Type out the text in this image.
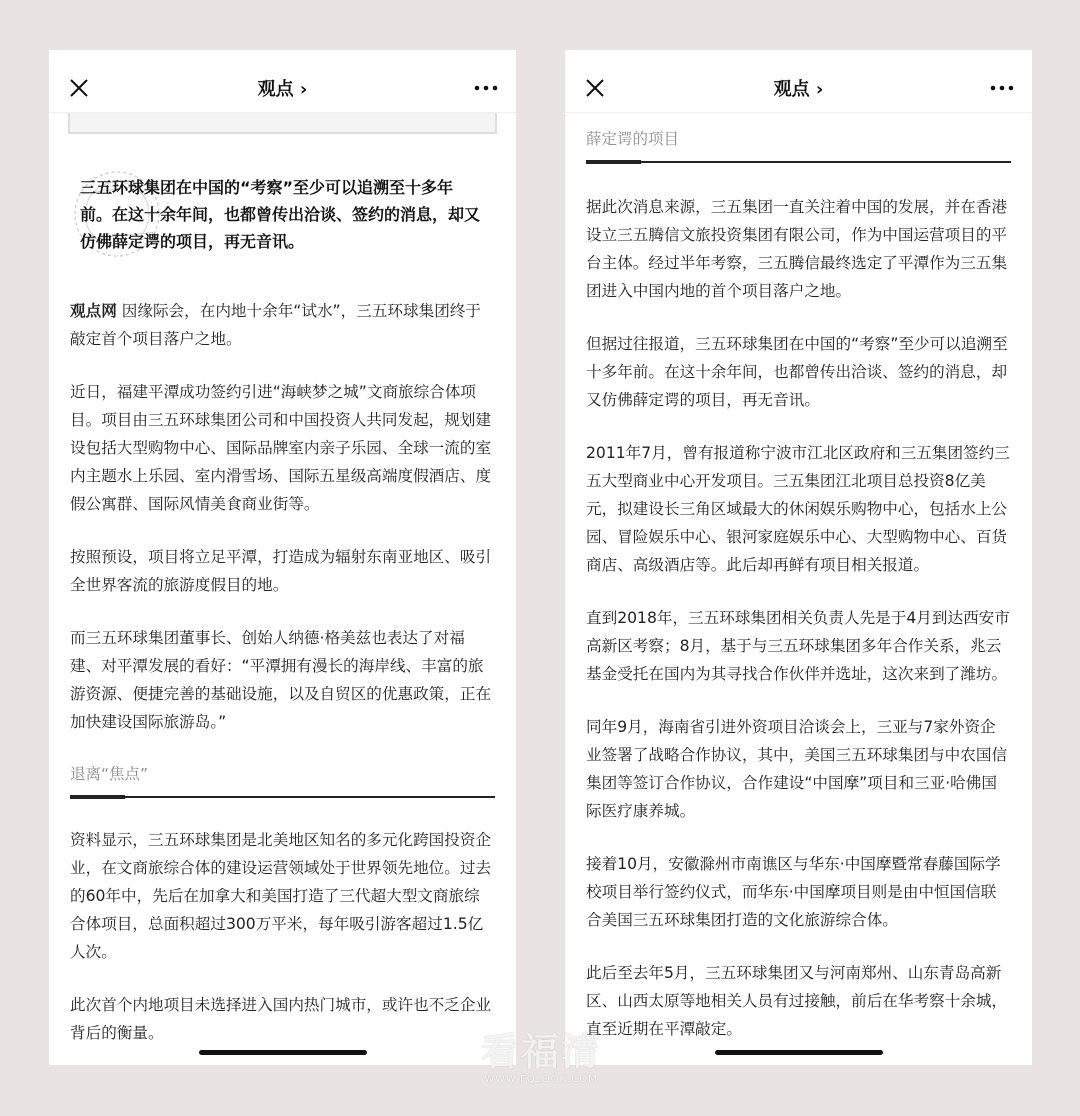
观点 ›
三五环球集团在中国的“考察”至少可以追溯至十多年前。在这十余年间，也都曾传出洽谈、签约的消息，却又仿佛薛定谔的项目，再无音讯。

观点网 因缘际会，在内地十余年“试水”，三五环球集团终于敲定首个项目落户之地。

近日，福建平潭成功签约引进“海峡梦之城”文商旅综合体项目。项目由三五环球集团公司和中国投资人共同发起，规划建设包括大型购物中心、国际品牌室内亲子乐园、全球一流的室内主题水上乐园、室内滑雪场、国际五星级高端度假酒店、度假公寓群、国际风情美食商业街等。

按照预设，项目将立足平潭，打造成为辐射东南亚地区、吸引全世界客流的旅游度假目的地。

而三五环球集团董事长、创始人纳德·格美兹也表达了对福建、对平潭发展的看好：“平潭拥有漫长的海岸线、丰富的旅游资源、便捷完善的基础设施，以及自贸区的优惠政策，正在加快建设国际旅游岛。”

退离“焦点”

资料显示，三五环球集团是北美地区知名的多元化跨国投资企业，在文商旅综合体的建设运营领域处于世界领先地位。过去的60年中，先后在加拿大和美国打造了三代超大型文商旅综合体项目，总面积超过300万平米，每年吸引游客超过1.5亿人次。

此次首个内地项目未选择进入国内热门城市，或许也不乏企业背后的衡量。

观点 ›
薛定谔的项目

据此次消息来源，三五集团一直关注着中国的发展，并在香港设立三五腾信文旅投资集团有限公司，作为中国运营项目的平台主体。经过半年考察，三五腾信最终选定了平潭作为三五集团进入中国内地的首个项目落户之地。

但据过往报道，三五环球集团在中国的“考察”至少可以追溯至十多年前。在这十余年间，也都曾传出洽谈、签约的消息，却又仿佛薛定谔的项目，再无音讯。

2011年7月，曾有报道称宁波市江北区政府和三五集团签约三五大型商业中心开发项目。三五集团江北项目总投资8亿美元，拟建设长三角区域最大的休闲娱乐购物中心，包括水上公园、冒险娱乐中心、银河家庭娱乐中心、大型购物中心、百货商店、高级酒店等。此后却再鲜有项目相关报道。

直到2018年，三五环球集团相关负责人先是于4月到达西安市高新区考察；8月，基于与三五环球集团多年合作关系，兆云基金受托在国内为其寻找合作伙伴并选址，这次来到了潍坊。

同年9月，海南省引进外资项目洽谈会上，三亚与7家外资企业签署了战略合作协议，其中，美国三五环球集团与中农国信集团等签订合作协议，合作建设“中国摩”项目和三亚·哈佛国际医疗康养城。

接着10月，安徽滁州市南谯区与华东·中国摩暨常春藤国际学校项目举行签约仪式，而华东·中国摩项目则是由中恒国信联合美国三五环球集团打造的文化旅游综合体。

此后至去年5月，三五环球集团又与河南郑州、山东青岛高新区、山西太原等地相关人员有过接触，前后在华考察十余城，直至近期在平潭敲定。

看福清
WWW.FQLOOK.COM
